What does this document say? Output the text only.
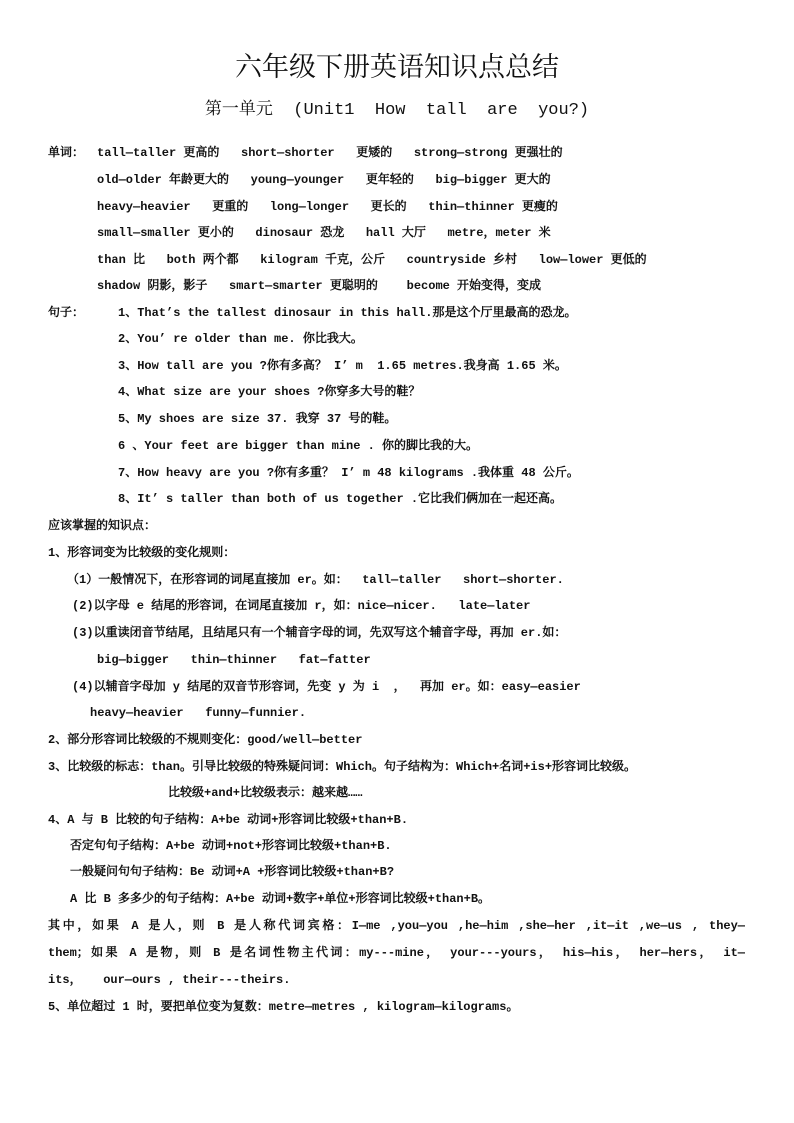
六年级下册英语知识点总结
第一单元  (Unit1  How  tall  are  you?)
单词： tall—taller 更高的   short—shorter   更矮的   strong—strong 更强壮的
old—older 年龄更大的   young—younger   更年轻的   big—bigger 更大的
heavy—heavier   更重的   long—longer   更长的   thin—thinner 更瘦的
small—smaller 更小的   dinosaur 恐龙   hall 大厅   metre，meter 米
than 比   both 两个都   kilogram 千克，公斤   countryside 乡村   low—lower 更低的
shadow 阴影，影子   smart—smarter 更聪明的    become 开始变得，变成
句子：	1、That’s the tallest dinosaur in this hall.那是这个厅里最高的恐龙。
2、You’ re older than me. 你比我大。
3、How tall are you ?你有多高？ I’ m  1.65 metres.我身高 1.65 米。
4、What size are your shoes ?你穿多大号的鞋？
5、My shoes are size 37. 我穿 37 号的鞋。
6 、Your feet are bigger than mine . 你的脚比我的大。
7、How heavy are you ?你有多重？ I’ m 48 kilograms .我体重 48 公斤。
8、It’ s taller than both of us together .它比我们俩加在一起还高。
应该掌握的知识点：
1、形容词变为比较级的变化规则：
（1）一般情况下，在形容词的词尾直接加 er。如：  tall—taller   short—shorter.
(2)以字母 e 结尾的形容词，在词尾直接加 r，如：nice—nicer.   late—later
(3)以重读闭音节结尾，且结尾只有一个辅音字母的词，先双写这个辅音字母，再加 er.如：
big—bigger   thin—thinner   fat—fatter
(4)以辅音字母加 y 结尾的双音节形容词，先变 y 为 i  ，  再加 er。如：easy—easier
heavy—heavier   funny—funnier.
2、部分形容词比较级的不规则变化：good/well—better
3、比较级的标志：than。引导比较级的特殊疑问词：Which。句子结构为：Which+名词+is+形容词比较级。
比较级+and+比较级表示：越来越……
4、A 与 B 比较的句子结构：A+be 动词+形容词比较级+than+B.
否定句句子结构：A+be 动词+not+形容词比较级+than+B.
一般疑问句句子结构：Be 动词+A +形容词比较级+than+B?
A 比 B 多多少的句子结构：A+be 动词+数字+单位+形容词比较级+than+B。
其中，如果 A 是人，则 B 是人称代词宾格：I—me ,you—you ,he—him ,she—her ,it—it ,we—us , they—
them；如果 A 是物，则 B 是名词性物主代词：my---mine， your---yours， his—his， her—hers， it—
its，   our—ours , their---theirs.
5、单位超过 1 时，要把单位变为复数：metre—metres , kilogram—kilograms。
